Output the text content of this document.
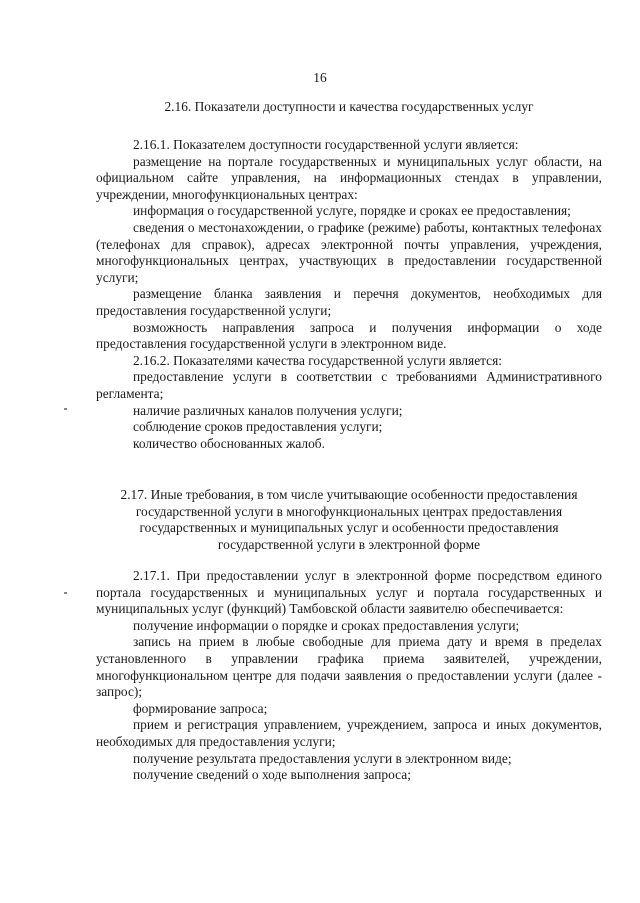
16

2.16. Показатели доступности и качества государственных услуг

2.16.1. Показателем доступности государственной услуги является:

размещение на портале государственных и муниципальных услуг области, на официальном сайте управления, на информационных стендах в управлении, учреждении, многофункциональных центрах:

информация о государственной услуге, порядке и сроках ее предоставления;

сведения о местонахождении, о графике (режиме) работы, контактных телефонах (телефонах для справок), адресах электронной почты управления, учреждения, многофункциональных центрах, участвующих в предоставлении государственной услуги;

размещение бланка заявления и перечня документов, необходимых для предоставления государственной услуги;

возможность направления запроса и получения информации о ходе предоставления государственной услуги в электронном виде.

2.16.2. Показателями качества государственной услуги является:

предоставление услуги в соответствии с требованиями Административного регламента;

наличие различных каналов получения услуги;

соблюдение сроков предоставления услуги;

количество обоснованных жалоб.

2.17. Иные требования, в том числе учитывающие особенности предоставления

государственной услуги в многофункциональных центрах предоставления

государственных и муниципальных услуг и особенности предоставления

государственной услуги в электронной форме

2.17.1. При предоставлении услуг в электронной форме посредством единого портала государственных и муниципальных услуг и портала государственных и муниципальных услуг (функций) Тамбовской области заявителю обеспечивается:

получение информации о порядке и сроках предоставления услуги;

запись на прием в любые свободные для приема дату и время в пределах установленного в управлении графика приема заявителей, учреждении, многофункциональном центре для подачи заявления о предоставлении услуги (далее - запрос);

формирование запроса;

прием и регистрация управлением, учреждением, запроса и иных документов, необходимых для предоставления услуги;

получение результата предоставления услуги в электронном виде;

получение сведений о ходе выполнения запроса;
